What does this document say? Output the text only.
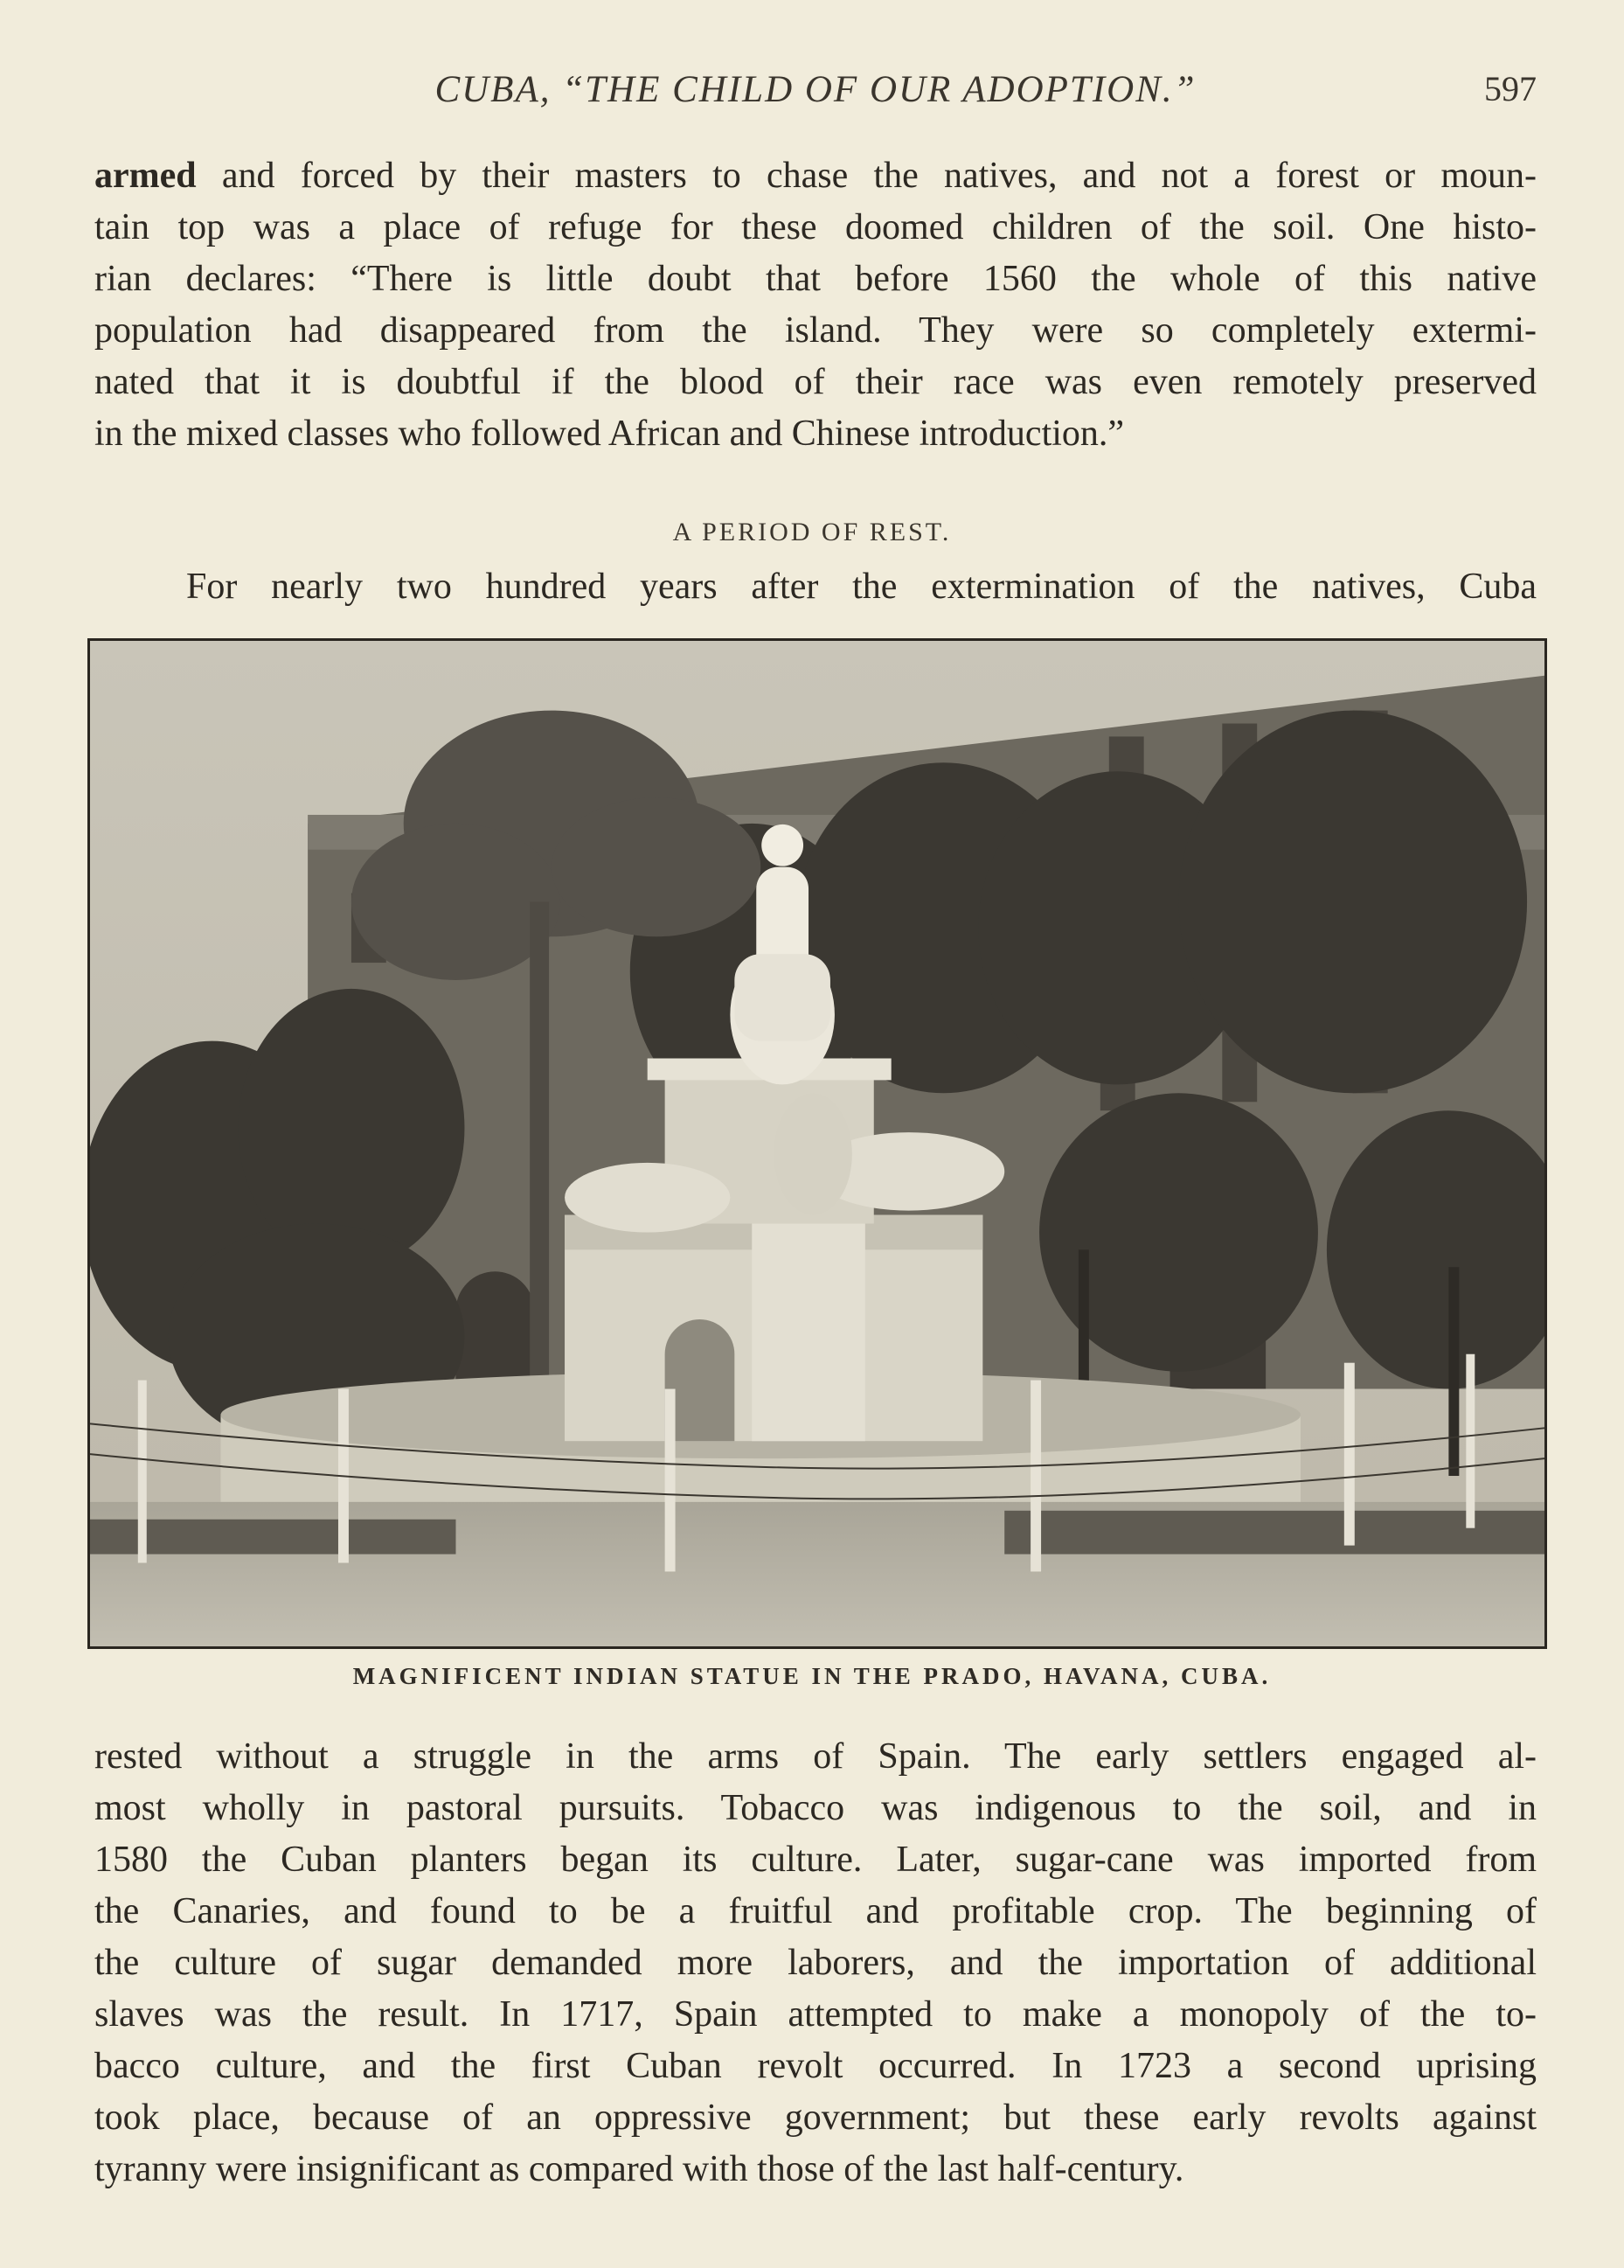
CUBA, “THE CHILD OF OUR ADOPTION.”	597
armed and forced by their masters to chase the natives, and not a forest or moun-
tain top was a place of refuge for these doomed children of the soil. One histo-
rian declares: “There is little doubt that before 1560 the whole of this native
population had disappeared from the island. They were so completely extermi-
nated that it is doubtful if the blood of their race was even remotely preserved
in the mixed classes who followed African and Chinese introduction.”
A PERIOD OF REST.
For nearly two hundred years after the extermination of the natives, Cuba
MAGNIFICENT INDIAN STATUE IN THE PRADO, HAVANA, CUBA.
rested without a struggle in the arms of Spain. The early settlers engaged al-
most wholly in pastoral pursuits. Tobacco was indigenous to the soil, and in
1580 the Cuban planters began its culture. Later, sugar-cane was imported from
the Canaries, and found to be a fruitful and profitable crop. The beginning of
the culture of sugar demanded more laborers, and the importation of additional
slaves was the result. In 1717, Spain attempted to make a monopoly of the to-
bacco culture, and the first Cuban revolt occurred. In 1723 a second uprising
took place, because of an oppressive government; but these early revolts against
tyranny were insignificant as compared with those of the last half-century.
